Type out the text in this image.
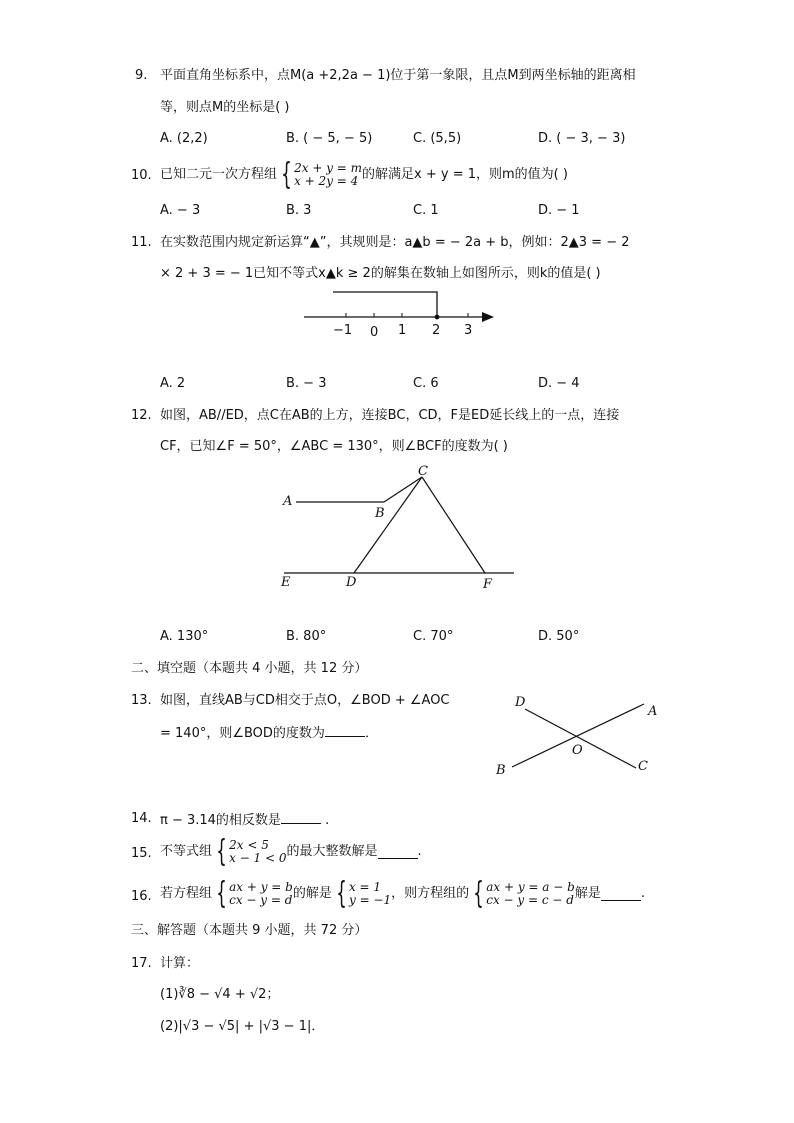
9. 平面直角坐标系中，点M(a +2,2a − 1)位于第一象限，且点M到两坐标轴的距离相
等，则点M的坐标是( )
A. (2,2)	B. ( − 5, − 5)	C. (5,5)	D. ( − 3, − 3)
10. 已知二元一次方程组 { 2x + y = m
x + 2y = 4 的解满足x + y = 1，则m的值为( )
A. − 3	B. 3	C. 1	D. − 1
11. 在实数范围内规定新运算“▲”，其规则是：a▲b = − 2a + b，例如：2▲3 = − 2
× 2 + 3 = − 1已知不等式x▲k ≥ 2的解集在数轴上如图所示，则k的值是( )
−1 0 1 2 3
A. 2	B. − 3	C. 6	D. − 4
12. 如图，AB//ED，点C在AB的上方，连接BC，CD，F是ED延长线上的一点，连接
CF，已知∠F = 50°，∠ABC = 130°，则∠BCF的度数为( )
A
B
C
D
E	F
A. 130°	B. 80°	C. 70°	D. 50°
二、填空题（本题共 4 小题，共 12 分）
13. 如图，直线AB与CD相交于点O，∠BOD + ∠AOC
= 140°，则∠BOD的度数为	．
D
A
O
B	C
14. π − 3.14的相反数是	.
15. 不等式组 { 2x < 5
x − 1 < 0 的最大整数解是	.
16. 若方程组 { ax + y = b
cx − y = d 的解是 { x = 1
y = −1 ，则方程组的 { ax + y = a − b
cx − y = c − d 解是	.
三、解答题（本题共 9 小题，共 72 分）
17. 计算：
(1)∛8 − √4 + √2；
(2)|√3 − √5| + |√3 − 1|．
